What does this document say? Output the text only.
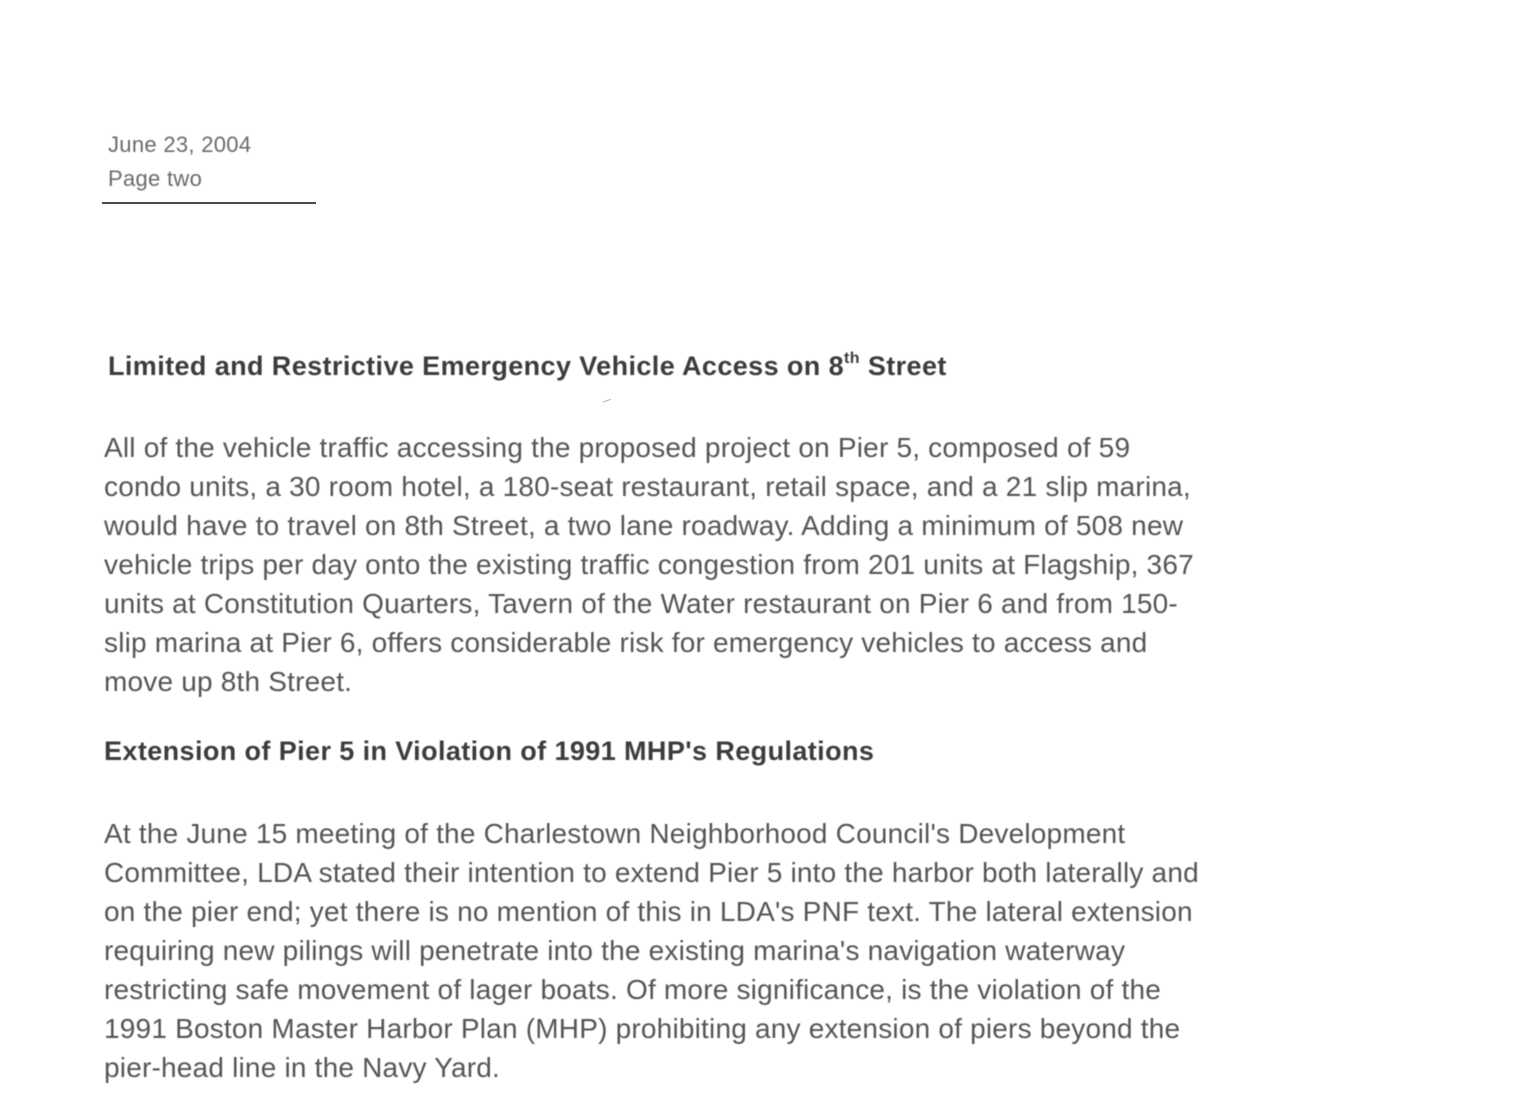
June 23, 2004
Page two
Limited and Restrictive Emergency Vehicle Access on 8th Street
All of the vehicle traffic accessing the proposed project on Pier 5, composed of 59
condo units, a 30 room hotel, a 180-seat restaurant, retail space, and a 21 slip marina,
would have to travel on 8th Street, a two lane roadway. Adding a minimum of 508 new
vehicle trips per day onto the existing traffic congestion from 201 units at Flagship, 367
units at Constitution Quarters, Tavern of the Water restaurant on Pier 6 and from 150-
slip marina at Pier 6, offers considerable risk for emergency vehicles to access and
move up 8th Street.
Extension of Pier 5 in Violation of 1991 MHP's Regulations
At the June 15 meeting of the Charlestown Neighborhood Council's Development
Committee, LDA stated their intention to extend Pier 5 into the harbor both laterally and
on the pier end; yet there is no mention of this in LDA's PNF text. The lateral extension
requiring new pilings will penetrate into the existing marina's navigation waterway
restricting safe movement of lager boats. Of more significance, is the violation of the
1991 Boston Master Harbor Plan (MHP) prohibiting any extension of piers beyond the
pier-head line in the Navy Yard.
